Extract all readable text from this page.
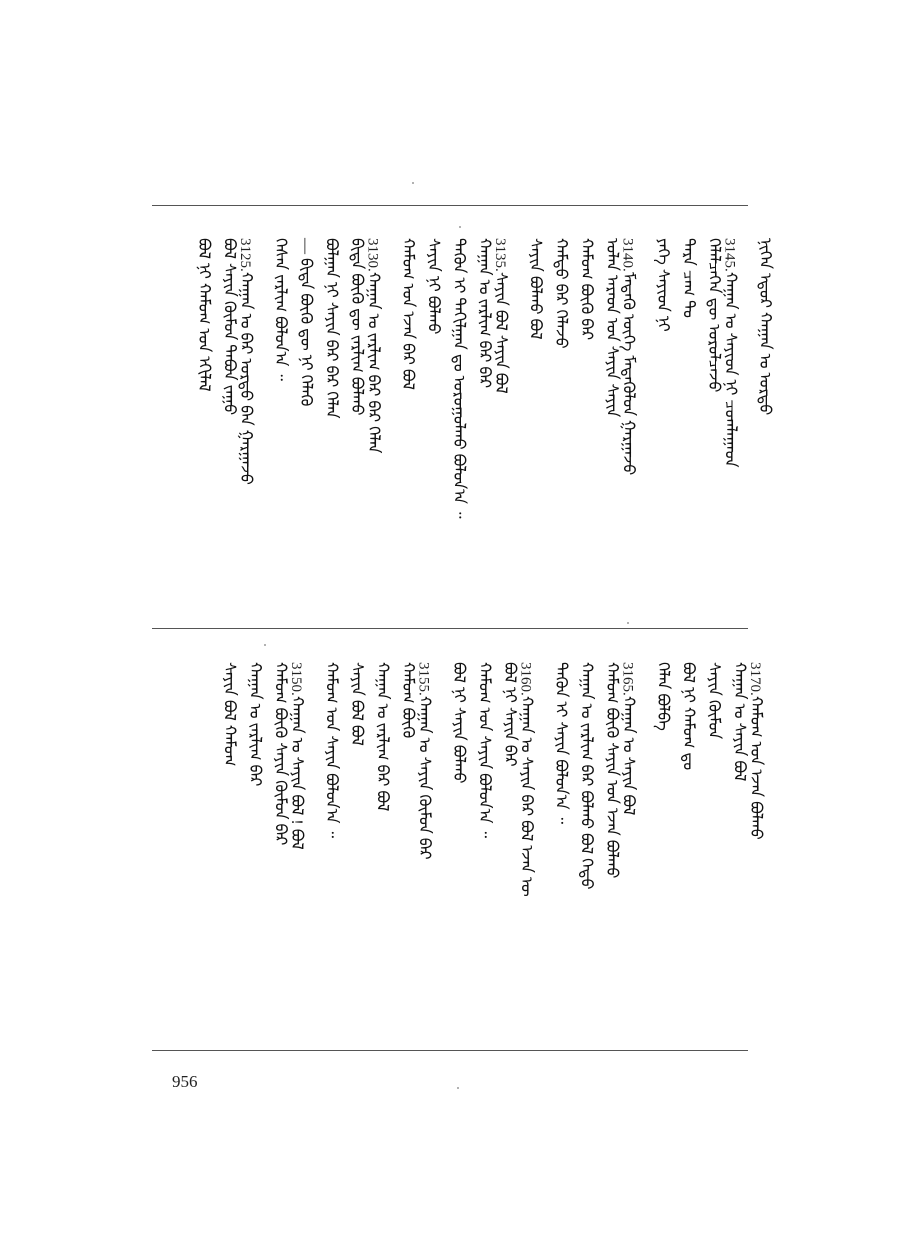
ᠨᠢᠭᠡᠨ ᠡᠳᠦᠷ ᠬᠠᠭᠠᠨ ᠤ ᠣᠷᠳᠣ
3145.ᠬᠠᠭᠠᠨ ᠤ ᠰᠠᠶᠢᠳ ᠨᠢ ᠴᠤᠭᠯᠠᠭᠠᠳ
ᠬᠡᠯᠡᠯᠴᠡᠭᠡᠨ ᠳᠦ ᠣᠷᠣᠯᠴᠠᠵᠤ
ᠲᠡᠷᠡ ᠴᠠᠭ ᠲᠤ
ᠶᠡᠬᠡ ᠰᠠᠶᠢᠳ ᠨᠢ
3140.ᠮᠡᠳᠡᠬᠦ ᠦᠭᠡ ᠮᠡᠳᠡᠭᠦᠯᠦᠨ ᠭᠠᠷᠭᠠᠵᠤ
ᠣᠯᠠᠨ ᠠᠷᠠᠳ ᠤᠨ ᠰᠠᠶᠢᠨ ᠰᠠᠶᠢᠨ
ᠬᠠᠮᠤᠭ ᠪᠦᠬᠦ ᠪᠡᠷ
ᠬᠠᠮᠲᠤ ᠪᠡᠷ ᠬᠡᠯᠡᠵᠦ
ᠰᠠᠶᠢᠨ ᠪᠣᠯᠬᠤ ᠪᠣᠯ
3135.ᠰᠠᠶᠢᠨ ᠪᠣᠯ ᠰᠠᠶᠢᠨ ᠪᠣᠯ
ᠬᠠᠭᠠᠨ ᠤ ᠵᠠᠷᠯᠢᠭ ᠪᠠᠷ ᠪᠠᠷ
ᠲᠡᠭᠦᠨ ᠢ ᠲᠠᠬᠢᠯᠭᠠᠨ ᠳᠤ ᠣᠷᠣᠭᠤᠯᠬᠤ ᠪᠣᠯᠤᠨ᠎ᠠ ᠃
ᠰᠠᠶᠢᠨ ᠨᠢ ᠪᠣᠯᠬᠤ
ᠬᠠᠮᠤᠭ ᠤᠨ ᠡᠵᠡᠨ ᠪᠠᠷ ᠪᠣᠯ
3130.ᠬᠠᠭᠠᠨ ᠤ ᠵᠠᠷᠯᠢᠭ ᠪᠠᠷ ᠪᠠᠷ ᠬᠡᠯᠡᠨ
ᠪᠢᠳᠡ ᠪᠦᠬᠦ ᠳᠦ ᠵᠠᠷᠯᠢᠭ ᠪᠣᠯᠬᠤ
ᠪᠣᠯᠭᠠᠨ ᠨᠢ ᠰᠠᠶᠢᠨ ᠪᠠᠷ ᠪᠠᠷ ᠬᠡᠯᠡᠨ
— ᠪᠢᠳᠡ ᠪᠦᠬᠦ ᠳᠦ ᠨᠢ ᠬᠡᠯᠡᠬᠦ
ᠭᠡᠰᠡᠨ ᠵᠠᠷᠯᠢᠭ ᠪᠣᠯᠤᠨ᠎ᠠ ᠃
3125.ᠬᠠᠭᠠᠨ ᠤ ᠪᠠᠷ ᠣᠷᠳᠣ ᠪᠡᠨ ᠭᠠᠷᠭᠠᠵᠤ
ᠪᠣᠯ ᠰᠠᠶᠢᠨ ᠬᠦᠮᠦᠨ ᠲᠠᠪᠤᠨ ᠵᠠᠭᠤ
ᠪᠣᠯ ᠨᠢ ᠬᠠᠮᠤᠭ ᠤᠨ ᠡᠬᠢᠯᠡᠯ
3170.ᠬᠠᠮᠤᠭ ᠤᠨ ᠡᠵᠡᠨ ᠪᠣᠯᠬᠤ
ᠬᠠᠭᠠᠨ ᠤ ᠰᠠᠶᠢᠨ ᠪᠣᠯ
ᠰᠠᠶᠢᠨ ᠬᠦᠮᠦᠨ
ᠪᠣᠯ ᠨᠢ ᠬᠠᠮᠤᠭ ᠳᠤ
ᠬᠡᠯᠡᠨ ᠪᠣᠯᠪᠠ
3165.ᠬᠠᠭᠠᠨ ᠤ ᠰᠠᠶᠢᠨ ᠪᠣᠯ
ᠬᠠᠮᠤᠭ ᠪᠦᠬᠦ ᠰᠠᠶᠢᠨ ᠤᠨ ᠡᠵᠡᠨ ᠪᠣᠯᠬᠤ
ᠬᠠᠭᠠᠨ ᠤ ᠵᠠᠷᠯᠢᠭ ᠪᠡᠷ ᠪᠣᠯᠬᠤ ᠪᠣᠯ ᠬᠡᠳᠦ
ᠲᠡᠭᠦᠨ ᠢ ᠰᠠᠶᠢᠨ ᠪᠣᠯᠤᠨ᠎ᠠ ᠃
3160.ᠬᠠᠭᠠᠨ ᠤ ᠰᠠᠶᠢᠨ ᠪᠠᠷ ᠪᠣᠯ ᠡᠵᠡᠨ ᠦ
ᠪᠣᠯ ᠨᠢ ᠰᠠᠶᠢᠨ ᠪᠠᠷ
ᠬᠠᠮᠤᠭ ᠤᠨ ᠰᠠᠶᠢᠨ ᠪᠣᠯᠤᠨ᠎ᠠ ᠃
ᠪᠣᠯ ᠨᠢ ᠰᠠᠶᠢᠨ ᠪᠣᠯᠬᠤ
3155.ᠬᠠᠭᠠᠨ ᠤ ᠰᠠᠶᠢᠨ ᠬᠦᠮᠦᠨ ᠪᠡᠷ
ᠬᠠᠮᠤᠭ ᠪᠦᠬᠦ
ᠬᠠᠭᠠᠨ ᠤ ᠵᠠᠷᠯᠢᠭ ᠪᠠᠷ ᠪᠣᠯ
ᠰᠠᠶᠢᠨ ᠪᠣᠯ ᠪᠣᠯ
ᠬᠠᠮᠤᠭ ᠤᠨ ᠰᠠᠶᠢᠨ ᠪᠣᠯᠤᠨ᠎ᠠ ᠃
3150.ᠬᠠᠭᠠᠨ ᠤ ᠰᠠᠶᠢᠨ ᠪᠣᠯ ! ᠪᠣᠯ
ᠬᠠᠮᠤᠭ ᠪᠦᠬᠦ ᠰᠠᠶᠢᠨ ᠬᠦᠮᠦᠨ ᠪᠡᠷ
ᠬᠠᠭᠠᠨ ᠤ ᠵᠠᠷᠯᠢᠭ ᠪᠠᠷ
ᠰᠠᠶᠢᠨ ᠪᠣᠯ ᠬᠠᠮᠤᠭ
956
